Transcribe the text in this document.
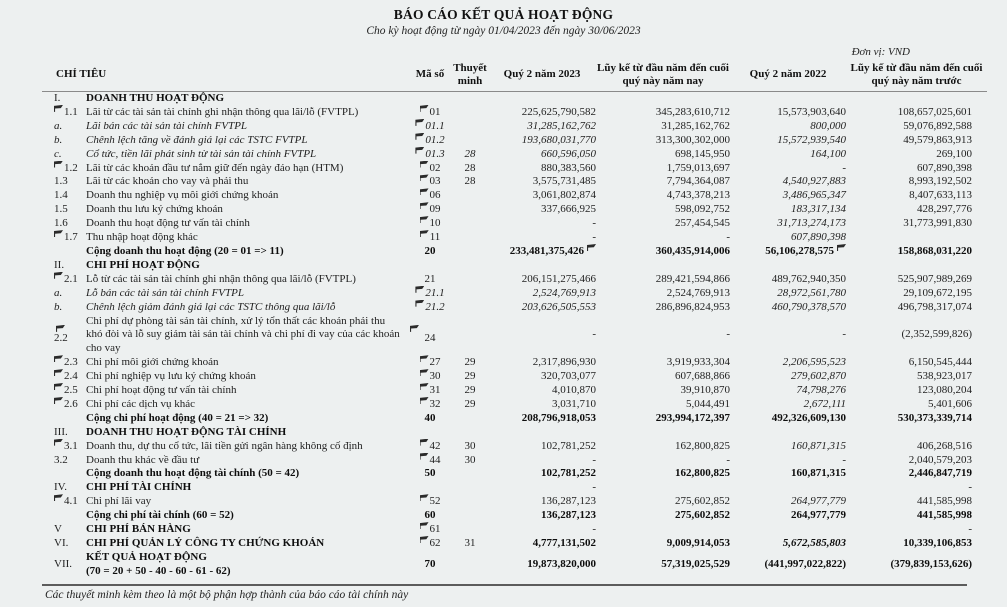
BÁO CÁO KẾT QUẢ HOẠT ĐỘNG
Cho kỳ hoạt động từ ngày 01/04/2023 đến ngày 30/06/2023
Đơn vị: VND
CHỈ TIÊU		Mã số	Thuyết minh	Quý 2 năm 2023	Lũy kế từ đầu năm đến cuối quý này năm nay	Quý 2 năm 2022	Lũy kế từ đầu năm đến cuối quý này năm trước
I.	DOANH THU HOẠT ĐỘNG						

1.1	Lãi từ các tài sản tài chính ghi nhận thông qua lãi/lỗ (FVTPL)	01		225,625,790,582	345,283,610,712	15,573,903,640	108,657,025,601
a.	Lãi bán các tài sản tài chính FVTPL	01.1		31,285,162,762	31,285,162,762	800,000	59,076,892,588
b.	Chênh lệch tăng về đánh giá lại các TSTC FVTPL	01.2		193,680,031,770	313,300,302,000	15,572,939,540	49,579,863,913
c.	Cổ tức, tiền lãi phát sinh từ tài sản tài chính FVTPL	01.3	28	660,596,050	698,145,950	164,100	269,100
1.2	Lãi từ các khoản đầu tư nắm giữ đến ngày đáo hạn (HTM)	02	28	880,383,560	1,759,013,697	-	607,890,398
1.3	Lãi từ các khoản cho vay và phải thu	03	28	3,575,731,485	7,794,364,087	4,540,927,883	8,993,192,502
1.4	Doanh thu nghiệp vụ môi giới chứng khoán	06		3,061,802,874	4,743,378,213	3,486,965,347	8,407,633,113
1.5	Doanh thu lưu ký chứng khoán	09		337,666,925	598,092,752	183,317,134	428,297,776
1.6	Doanh thu hoạt động tư vấn tài chính	10		-	257,454,545	31,713,274,173	31,773,991,830
1.7	Thu nhập hoạt động khác	11		-	-	607,890,398	

	Cộng doanh thu hoạt động (20 = 01 => 11)	20		233,481,375,426	360,435,914,006	56,106,278,575	158,868,031,220
II.	CHI PHÍ HOẠT ĐỘNG						

2.1	Lỗ từ các tài sản tài chính ghi nhận thông qua lãi/lỗ (FVTPL)	21		206,151,275,466	289,421,594,866	489,762,940,350	525,907,989,269
a.	Lỗ bán các tài sản tài chính FVTPL	21.1		2,524,769,913	2,524,769,913	28,972,561,780	29,109,672,195
b.	Chênh lệch giảm đánh giá lại các TSTC thông qua lãi/lỗ	21.2		203,626,505,553	286,896,824,953	460,790,378,570	496,798,317,074

2.2	Chi phí dự phòng tài sản tài chính, xử lý tổn thất các khoản phải thu khó đòi và lỗ suy giảm tài sản tài chính và chi phí đi vay của các khoản cho vay	24		-	-	-	(2,352,599,826)
2.3	Chi phí môi giới chứng khoán	27	29	2,317,896,930	3,919,933,304	2,206,595,523	6,150,545,444
2.4	Chi phí nghiệp vụ lưu ký chứng khoán	30	29	320,703,077	607,688,866	279,602,870	538,923,017
2.5	Chi phí hoạt động tư vấn tài chính	31	29	4,010,870	39,910,870	74,798,276	123,080,204
2.6	Chi phí các dịch vụ khác	32	29	3,031,710	5,044,491	2,672,111	5,401,606

	Cộng chi phí hoạt động (40 = 21 => 32)	40		208,796,918,053	293,994,172,397	492,326,609,130	530,373,339,714
III.	DOANH THU HOẠT ĐỘNG TÀI CHÍNH						

3.1	Doanh thu, dự thu cổ tức, lãi tiền gửi ngân hàng không cố định	42	30	102,781,252	162,800,825	160,871,315	406,268,516
3.2	Doanh thu khác về đầu tư	44	30	-	-	-	2,040,579,203

	Cộng doanh thu hoạt động tài chính (50 = 42)	50		102,781,252	162,800,825	160,871,315	2,446,847,719
IV.	CHI PHÍ TÀI CHÍNH			-			-
4.1	Chi phí lãi vay	52		136,287,123	275,602,852	264,977,779	441,585,998

	Cộng chi phí tài chính (60 = 52)	60		136,287,123	275,602,852	264,977,779	441,585,998
V	CHI PHÍ BÁN HÀNG	61		-			-
VI.	CHI PHÍ QUẢN LÝ CÔNG TY CHỨNG KHOÁN	62	31	4,777,131,502	9,009,914,053	5,672,585,803	10,339,106,853
VII.	KẾT QUẢ HOẠT ĐỘNG
(70 = 20 + 50 - 40 - 60 - 61 - 62)	70		19,873,820,000	57,319,025,529	(441,997,022,822)	(379,839,153,626)
Các thuyết minh kèm theo là một bộ phận hợp thành của báo cáo tài chính này
